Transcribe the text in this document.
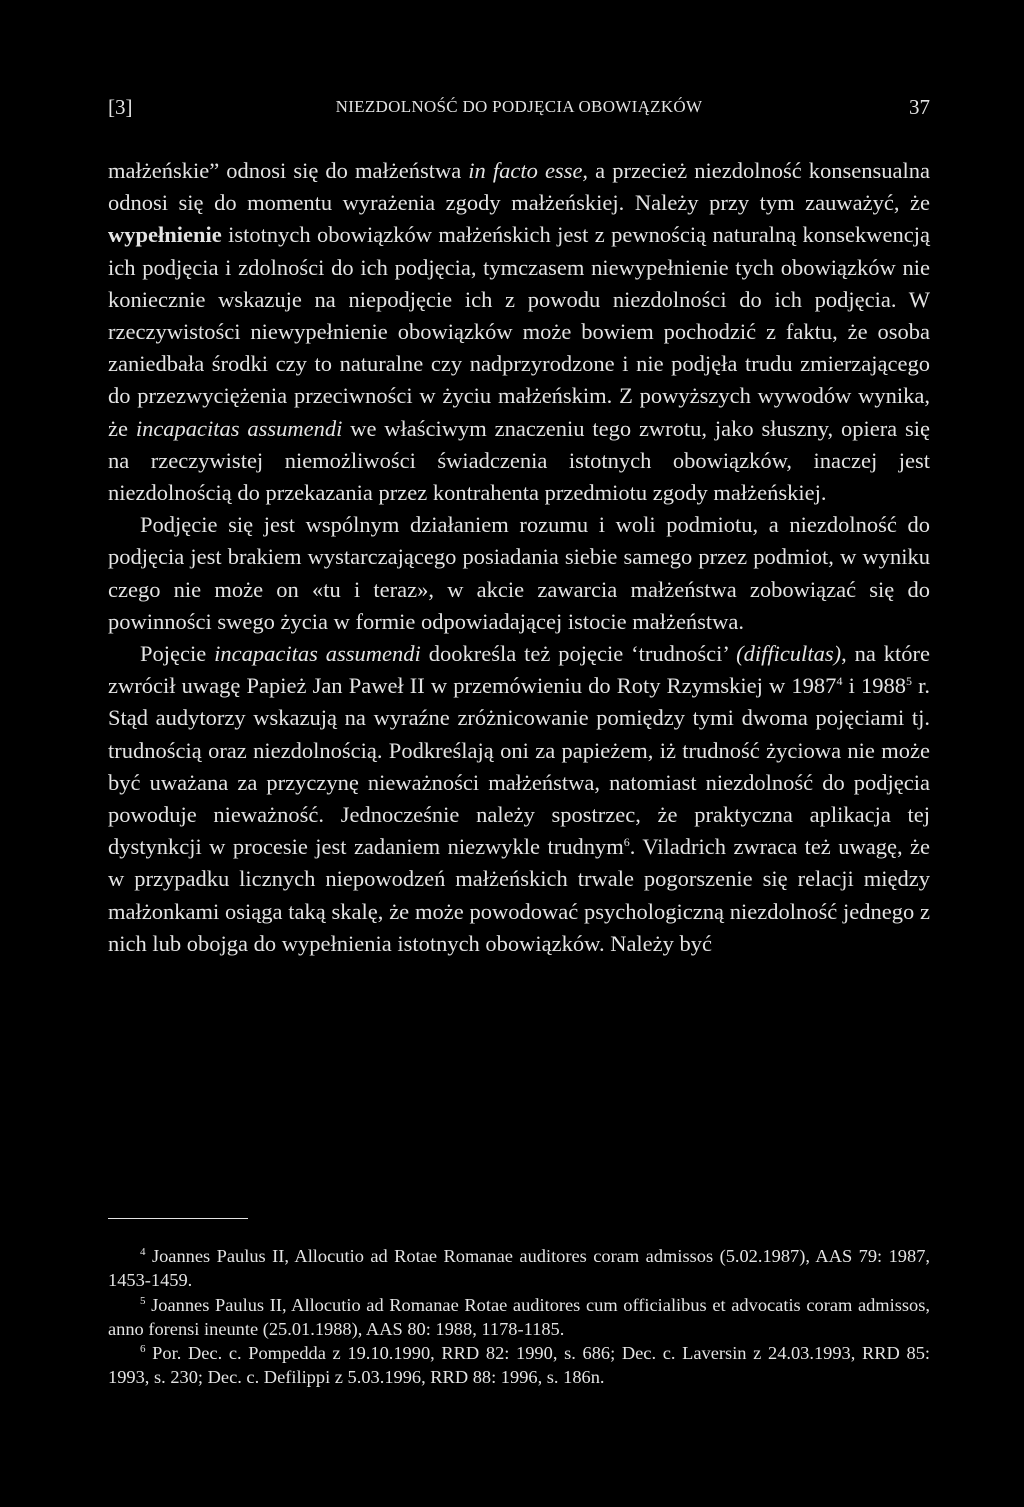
[3]	NIEZDOLNOŚĆ DO PODJĘCIA OBOWIĄZKÓW	37

małżeńskie” odnosi się do małżeństwa in facto esse, a przecież niezdolność konsensualna odnosi się do momentu wyrażenia zgody małżeńskiej. Należy przy tym zauważyć, że wypełnienie istotnych obowiązków małżeńskich jest z pewnością naturalną konsekwencją ich podjęcia i zdolności do ich podjęcia, tymczasem niewypełnienie tych obowiązków nie koniecznie wskazuje na niepodjęcie ich z powodu niezdolności do ich podjęcia. W rzeczywistości niewypełnienie obowiązków może bowiem pochodzić z faktu, że osoba zaniedbała środki czy to naturalne czy nadprzyrodzone i nie podjęła trudu zmierzającego do przezwyciężenia przeciwności w życiu małżeńskim. Z powyższych wywodów wynika, że incapacitas assumendi we właściwym znaczeniu tego zwrotu, jako słuszny, opiera się na rzeczywistej niemożliwości świadczenia istotnych obowiązków, inaczej jest niezdolnością do przekazania przez kontrahenta przedmiotu zgody małżeńskiej.

Podjęcie się jest wspólnym działaniem rozumu i woli podmiotu, a niezdolność do podjęcia jest brakiem wystarczającego posiadania siebie samego przez podmiot, w wyniku czego nie może on «tu i teraz», w akcie zawarcia małżeństwa zobowiązać się do powinności swego życia w formie odpowiadającej istocie małżeństwa.

Pojęcie incapacitas assumendi dookreśla też pojęcie ‘trudności’ (difficultas), na które zwrócił uwagę Papież Jan Paweł II w przemówieniu do Roty Rzymskiej w 1987$^4$ i 1988$^5$ r. Stąd audytorzy wskazują na wyraźne zróżnicowanie pomiędzy tymi dwoma pojęciami tj. trudnością oraz niezdolnością. Podkreślają oni za papieżem, iż trudność życiowa nie może być uważana za przyczynę nieważności małżeństwa, natomiast niezdolność do podjęcia powoduje nieważność. Jednocześnie należy spostrzec, że praktyczna aplikacja tej dystynkcji w procesie jest zadaniem niezwykle trudnym$^6$. Viladrich zwraca też uwagę, że w przypadku licznych niepowodzeń małżeńskich trwale pogorszenie się relacji między małżonkami osiąga taką skalę, że może powodować psychologiczną niezdolność jednego z nich lub obojga do wypełnienia istotnych obowiązków. Należy być

$^4$ Joannes Paulus II, Allocutio ad Rotae Romanae auditores coram admissos (5.02.1987), AAS 79: 1987, 1453-1459.

$^5$ Joannes Paulus II, Allocutio ad Romanae Rotae auditores cum officialibus et advocatis coram admissos, anno forensi ineunte (25.01.1988), AAS 80: 1988, 1178-1185.

$^6$ Por. Dec. c. Pompedda z 19.10.1990, RRD 82: 1990, s. 686; Dec. c. Laversin z 24.03.1993, RRD 85: 1993, s. 230; Dec. c. Defilippi z 5.03.1996, RRD 88: 1996, s. 186n.
